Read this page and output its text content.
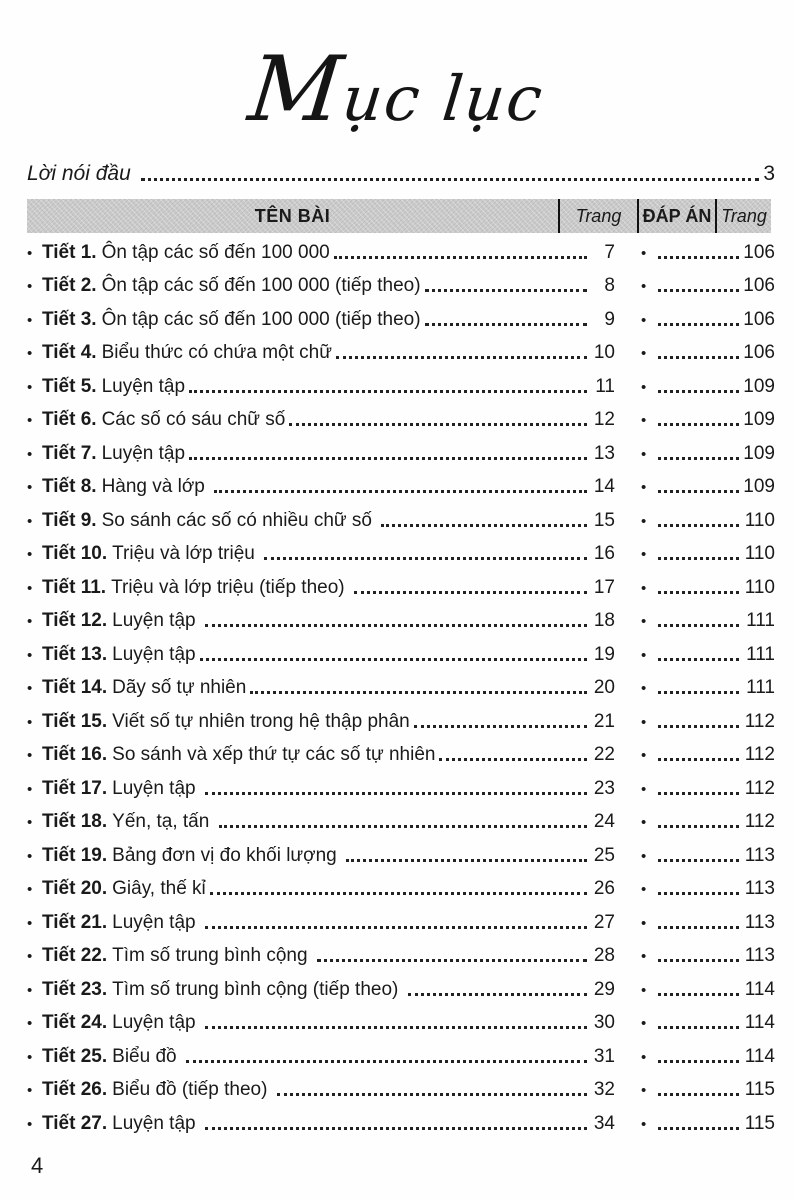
Mục lục
Lời nói đầu	3
TÊN BÀI	Trang	ĐÁP ÁN Trang
• Tiết 1. Ôn tập các số đến 100 000	7 •	106
• Tiết 2. Ôn tập các số đến 100 000 (tiếp theo)	8 •	106
• Tiết 3. Ôn tập các số đến 100 000 (tiếp theo)	9 •	106
• Tiết 4. Biểu thức có chứa một chữ	10 •	106
• Tiết 5. Luyện tập	11 •	109
• Tiết 6. Các số có sáu chữ số	12 •	109
• Tiết 7. Luyện tập	13 •	109
• Tiết 8. Hàng và lớp	14 •	109
• Tiết 9. So sánh các số có nhiều chữ số	15 •	110
• Tiết 10. Triệu và lớp triệu	16 •	110
• Tiết 11. Triệu và lớp triệu (tiếp theo)	17 •	110
• Tiết 12. Luyện tập	18 •	111
• Tiết 13. Luyện tập	19 •	111
• Tiết 14. Dãy số tự nhiên	20 •	111
• Tiết 15. Viết số tự nhiên trong hệ thập phân	21 •	112
• Tiết 16. So sánh và xếp thứ tự các số tự nhiên	22 •	112
• Tiết 17. Luyện tập	23 •	112
• Tiết 18. Yến, tạ, tấn	24 •	112
• Tiết 19. Bảng đơn vị đo khối lượng	25 •	113
• Tiết 20. Giây, thế kỉ	26 •	113
• Tiết 21. Luyện tập	27 •	113
• Tiết 22. Tìm số trung bình cộng	28 •	113
• Tiết 23. Tìm số trung bình cộng (tiếp theo)	29 •	114
• Tiết 24. Luyện tập	30 •	114
• Tiết 25. Biểu đồ	31 •	114
• Tiết 26. Biểu đồ (tiếp theo)	32 •	115
• Tiết 27. Luyện tập	34 •	115
4
